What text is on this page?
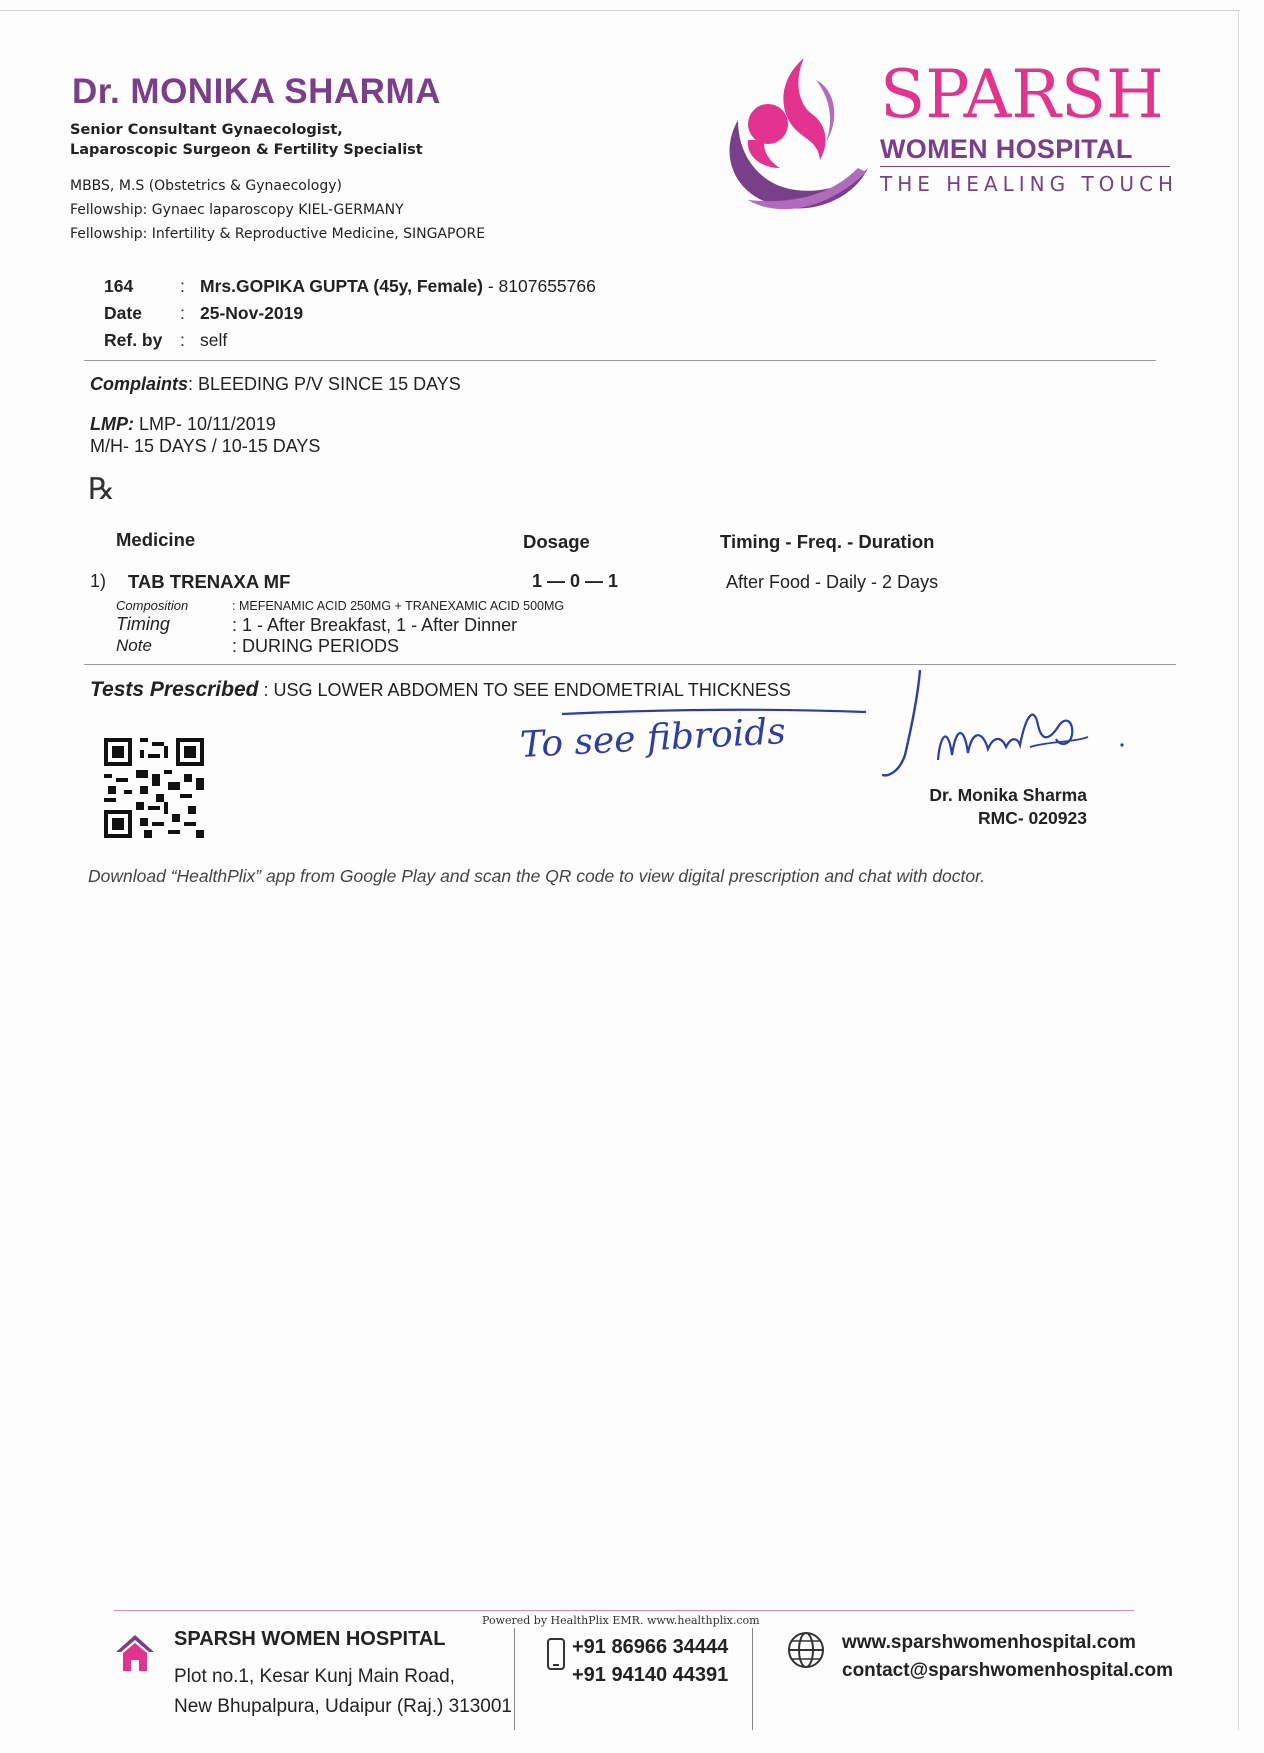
Dr. MONIKA SHARMA
Senior Consultant Gynaecologist,
Laparoscopic Surgeon & Fertility Specialist
MBBS, M.S (Obstetrics & Gynaecology)
Fellowship: Gynaec laparoscopy KIEL-GERMANY
Fellowship: Infertility & Reproductive Medicine, SINGAPORE
SPARSH
WOMEN HOSPITAL
THE HEALING TOUCH
164	: Mrs.GOPIKA GUPTA (45y, Female) - 8107655766
Date : 25-Nov-2019
Ref. by : self
Complaints: BLEEDING P/V SINCE 15 DAYS
LMP: LMP- 10/11/2019
M/H- 15 DAYS / 10-15 DAYS
℞
Medicine	Dosage	Timing - Freq. - Duration
1) TAB TRENAXA MF	1 — 0 — 1	After Food - Daily - 2 Days
Composition	: MEFENAMIC ACID 250MG + TRANEXAMIC ACID 500MG
Timing	: 1 - After Breakfast, 1 - After Dinner
Note	: DURING PERIODS
Tests Prescribed : USG LOWER ABDOMEN TO SEE ENDOMETRIAL THICKNESS
To see fibroids
Dr. Monika Sharma
RMC- 020923
Download “HealthPlix” app from Google Play and scan the QR code to view digital prescription and chat with doctor.
Powered by HealthPlix EMR. www.healthplix.com
SPARSH WOMEN HOSPITAL
Plot no.1, Kesar Kunj Main Road,
New Bhupalpura, Udaipur (Raj.) 313001
+91 86966 34444
+91 94140 44391
www.sparshwomenhospital.com
contact@sparshwomenhospital.com
